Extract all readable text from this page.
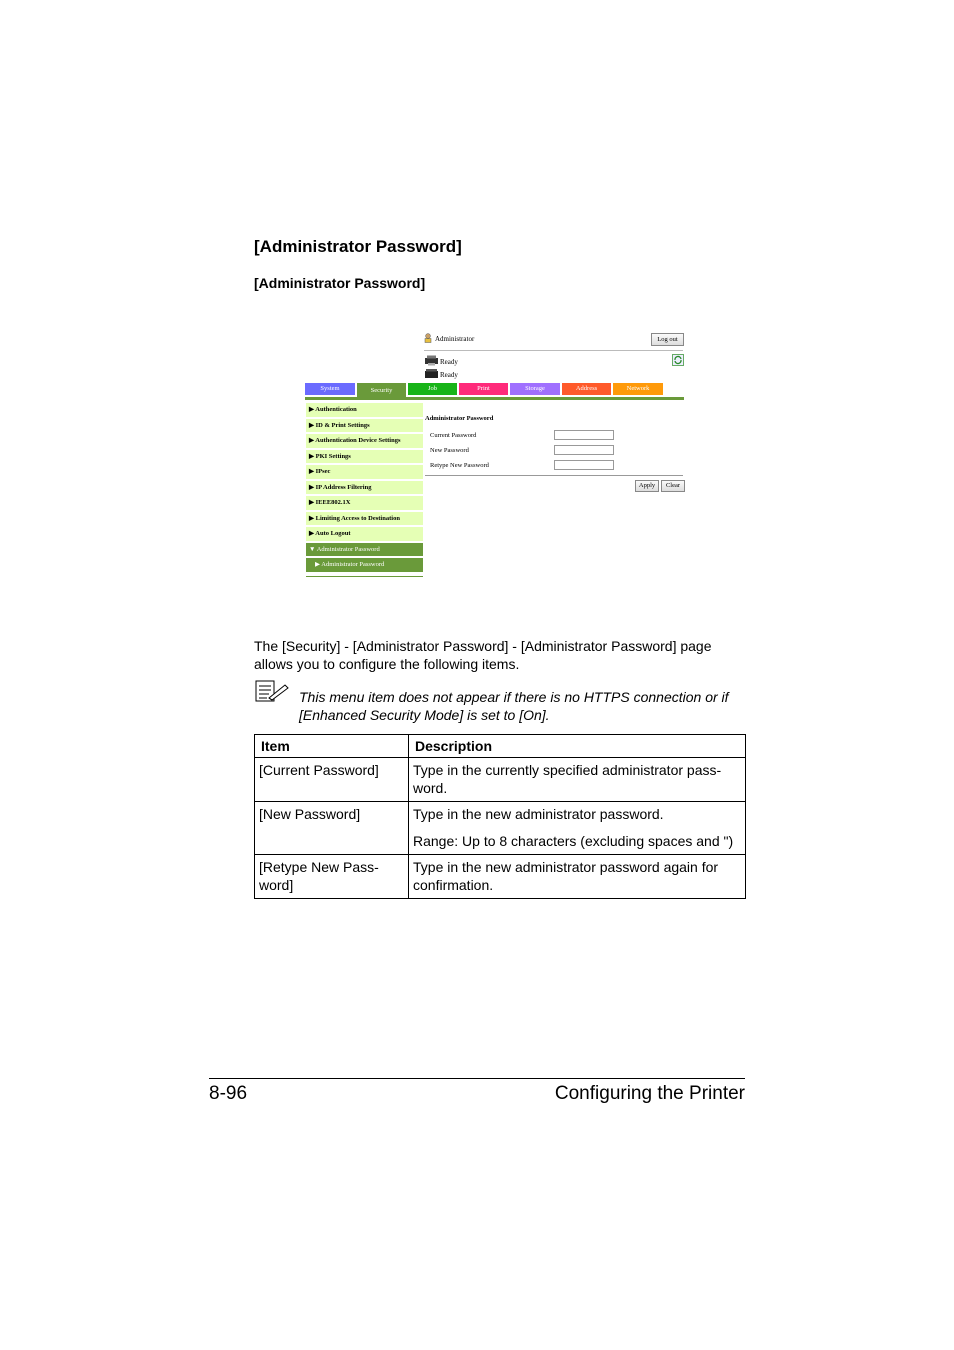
[Administrator Password]
[Administrator Password]
Administrator	Log out
Ready
Ready
System	Security	Job	Print	Storage	Address	Network
▶ Authentication
▶ ID & Print Settings
▶ Authentication Device Settings
▶ PKI Settings
▶ IPsec
▶ IP Address Filtering
▶ IEEE802.1X
▶ Limiting Access to Destination
▶ Auto Logout
▼ Administrator Password
▶ Administrator Password
Administrator Password
Current Password
New Password
Retype New Password
Apply	Clear
The [Security] - [Administrator Password] - [Administrator Password] page allows you to configure the following items.
This menu item does not appear if there is no HTTPS connection or if [Enhanced Security Mode] is set to [On].
Item	Description
[Current Password]	Type in the currently specified administrator pass-word.

[New Password]	Type in the new administrator password.

Range: Up to 8 characters (excluding spaces and ")

[Retype New Pass-word]	Type in the new administrator password again for confirmation.

8-96	Configuring the Printer
